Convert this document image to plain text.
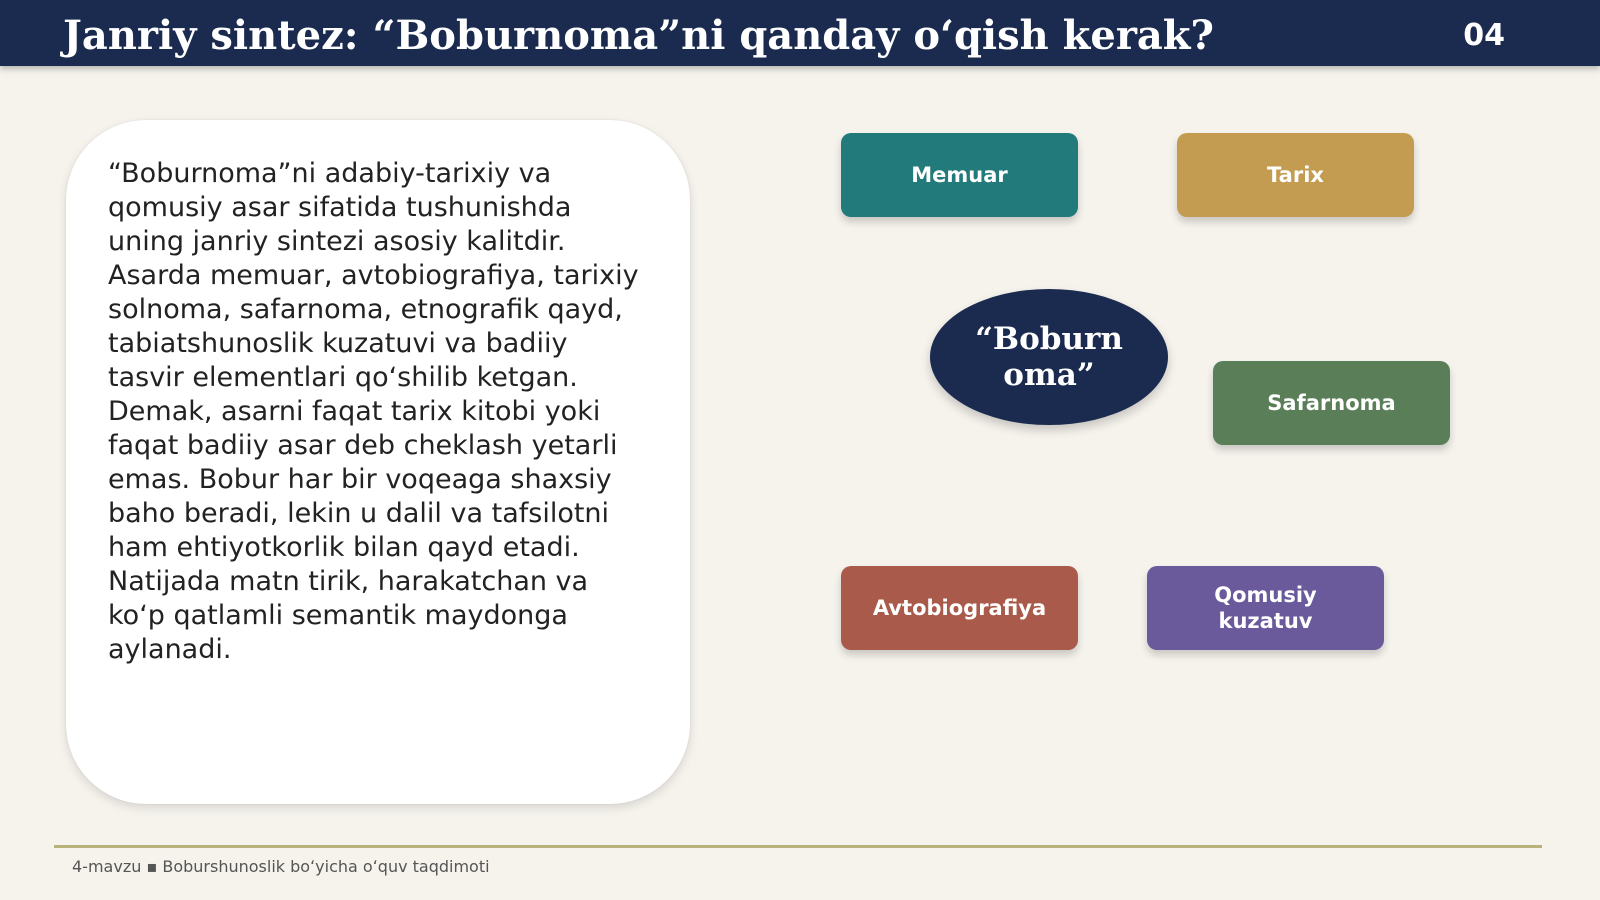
Janriy sintez: “Boburnoma”ni qanday oʻqish kerak?	04

“Boburnoma”ni adabiy-tarixiy va qomusiy asar sifatida tushunishda uning janriy sintezi asosiy kalitdir. Asarda memuar, avtobiografiya, tarixiy solnoma, safarnoma, etnografik qayd, tabiatshunoslik kuzatuvi va badiiy tasvir elementlari qoʻshilib ketgan. Demak, asarni faqat tarix kitobi yoki faqat badiiy asar deb cheklash yetarli emas. Bobur har bir voqeaga shaxsiy baho beradi, lekin u dalil va tafsilotni ham ehtiyotkorlik bilan qayd etadi. Natijada matn tirik, harakatchan va koʻp qatlamli semantik maydonga aylanadi.

Memuar	Tarix
“Boburnoma”
Safarnoma
Avtobiografiya
Qomusiy kuzatuv
4-mavzu ▪ Boburshunoslik boʻyicha oʻquv taqdimoti
